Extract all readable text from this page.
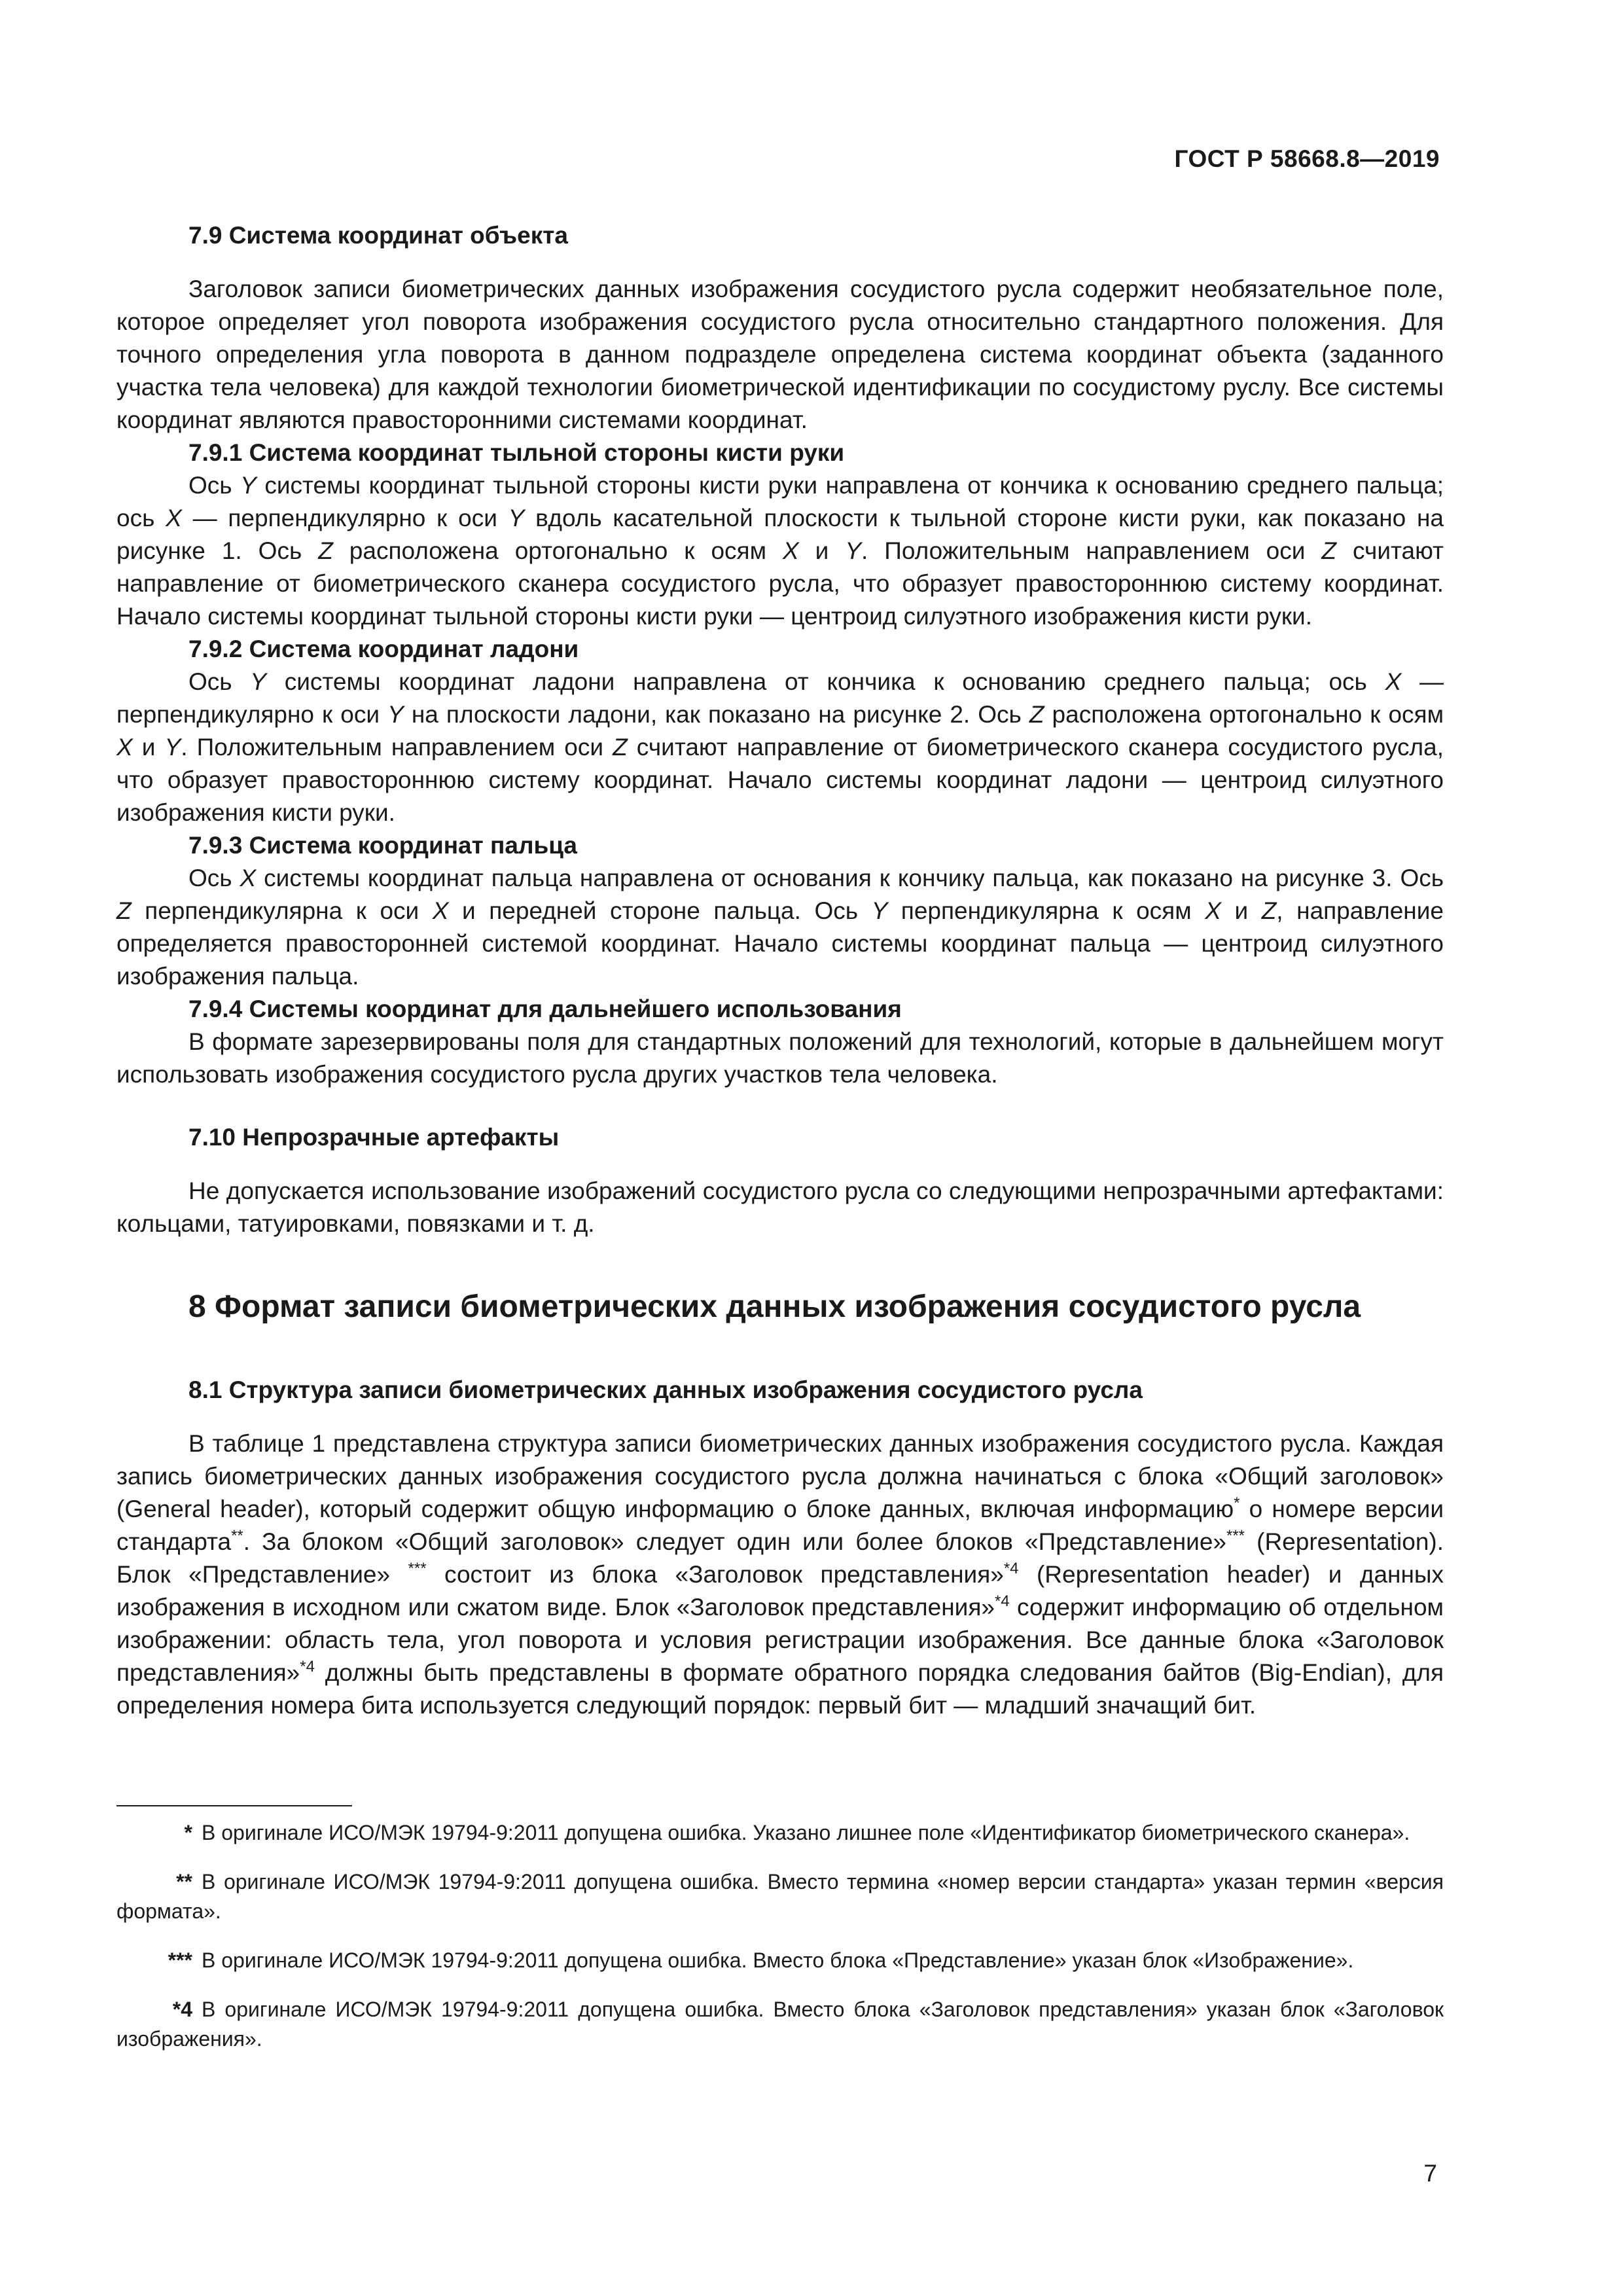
ГОСТ Р 58668.8—2019
7.9 Система координат объекта

Заголовок записи биометрических данных изображения сосудистого русла содержит необязательное поле, которое определяет угол поворота изображения сосудистого русла относительно стандартного положения. Для точного определения угла поворота в данном подразделе определена система координат объекта (заданного участка тела человека) для каждой технологии биометрической идентификации по сосудистому руслу. Все системы координат являются правосторонними системами координат.

7.9.1 Система координат тыльной стороны кисти руки

Ось Y системы координат тыльной стороны кисти руки направлена от кончика к основанию среднего пальца; ось X — перпендикулярно к оси Y вдоль касательной плоскости к тыльной стороне кисти руки, как показано на рисунке 1. Ось Z расположена ортогонально к осям X и Y. Положительным направлением оси Z считают направление от биометрического сканера сосудистого русла, что образует правостороннюю систему координат. Начало системы координат тыльной стороны кисти руки — центроид силуэтного изображения кисти руки.

7.9.2 Система координат ладони

Ось Y системы координат ладони направлена от кончика к основанию среднего пальца; ось X — перпендикулярно к оси Y на плоскости ладони, как показано на рисунке 2. Ось Z расположена ортогонально к осям X и Y. Положительным направлением оси Z считают направление от биометрического сканера сосудистого русла, что образует правостороннюю систему координат. Начало системы координат ладони — центроид силуэтного изображения кисти руки.

7.9.3 Система координат пальца

Ось X системы координат пальца направлена от основания к кончику пальца, как показано на рисунке 3. Ось Z перпендикулярна к оси X и передней стороне пальца. Ось Y перпендикулярна к осям X и Z, направление определяется правосторонней системой координат. Начало системы координат пальца — центроид силуэтного изображения пальца.

7.9.4 Системы координат для дальнейшего использования

В формате зарезервированы поля для стандартных положений для технологий, которые в дальнейшем могут использовать изображения сосудистого русла других участков тела человека.

7.10 Непрозрачные артефакты

Не допускается использование изображений сосудистого русла со следующими непрозрачными артефактами: кольцами, татуировками, повязками и т. д.

8 Формат записи биометрических данных изображения сосудистого русла
8.1 Структура записи биометрических данных изображения сосудистого русла

В таблице 1 представлена структура записи биометрических данных изображения сосудистого русла. Каждая запись биометрических данных изображения сосудистого русла должна начинаться с блока «Общий заголовок» (General header), который содержит общую информацию о блоке данных, включая информацию* о номере версии стандарта**. За блоком «Общий заголовок» следует один или более блоков «Представление»*** (Representation). Блок «Представление» *** состоит из блока «Заголовок представления»$^{*4}$ (Representation header) и данных изображения в исходном или сжатом виде. Блок «Заголовок представления»$^{*4}$ содержит информацию об отдельном изображении: область тела, угол поворота и условия регистрации изображения. Все данные блока «Заголовок представления»$^{*4}$ должны быть представлены в формате обратного порядка следования байтов (Big-Endian), для определения номера бита используется следующий порядок: первый бит — младший значащий бит.

* В оригинале ИСО/МЭК 19794-9:2011 допущена ошибка. Указано лишнее поле «Идентификатор биометрического сканера».

** В оригинале ИСО/МЭК 19794-9:2011 допущена ошибка. Вместо термина «номер версии стандарта» указан термин «версия формата».

*** В оригинале ИСО/МЭК 19794-9:2011 допущена ошибка. Вместо блока «Представление» указан блок «Изображение».

*4 В оригинале ИСО/МЭК 19794-9:2011 допущена ошибка. Вместо блока «Заголовок представления» указан блок «Заголовок изображения».

7
